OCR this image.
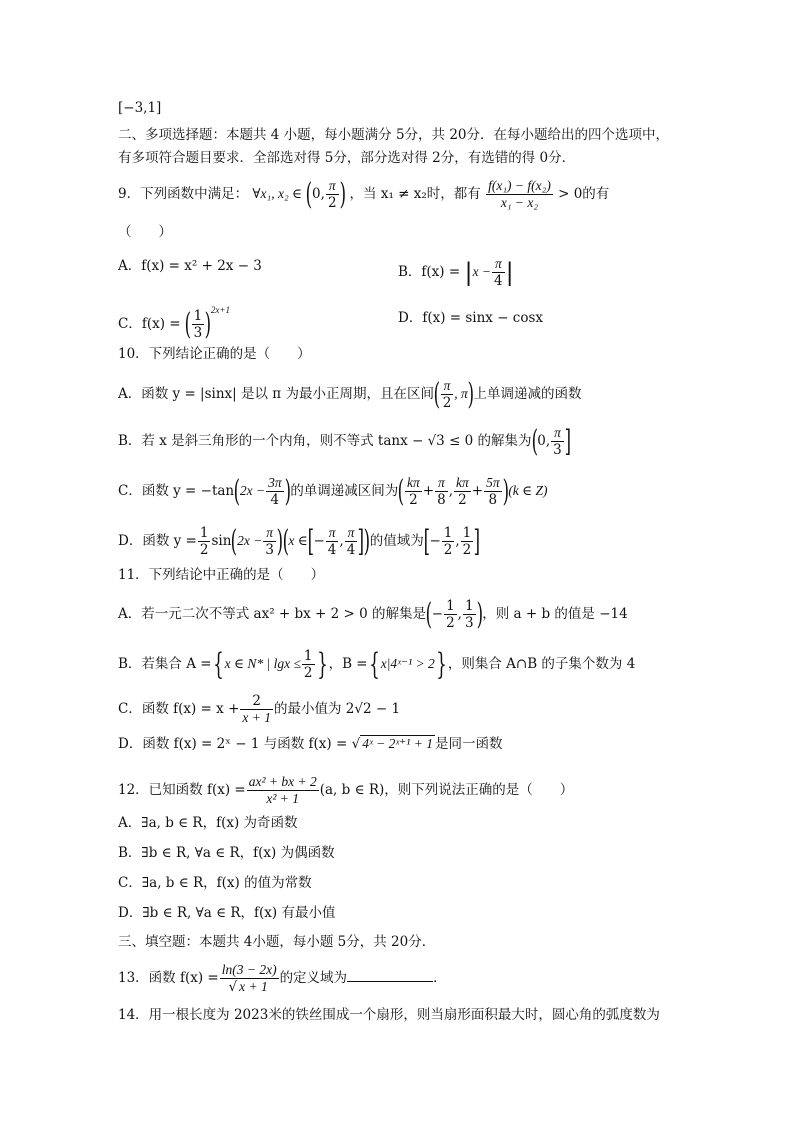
[−3,1]
二、多项选择题：本题共 4 小题，每小题满分 5分，共 20分．在每小题给出的四个选项中，
有多项符合题目要求．全部选对得 5分，部分选对得 2分，有选错的得 0分．
9．下列函数中满足： ∀x₁, x₂ ∈ (0, $\frac{\pi}{2}$ ) ，当 x₁ ≠ x₂时，都有 $\frac{\text{f(x₁) − f(x₂)}}{\text{x₁ − x₂}} > 0$的有
（　　）
A．f(x) = x² + 2x − 3	B．$f(x) = |x - \frac{\pi}{4}$ |
C．f(x) = ( $\frac{1}{3} )^{2x+1}$
D．f(x) = sinx − cosx
10．下列结论正确的是（　　）
A．函数 y = |sinx| 是以 π 为最小正周期，且在区间( $\frac{\pi}{2}$ , π)上单调递减的函数
B．若 x 是斜三角形的一个内角，则不等式 tanx − √3 ≤ 0 的解集为(0, $\frac{\pi}{3}$ ]
C．函数 $y = -\tan(2x - \frac{3\pi}{4}$ )的单调递减区间为( $\frac{k\pi}{2} + \frac{\pi}{8}$ , $\frac{k\pi}{2} + \frac{5\pi}{8} )(k$ ∈ Z)
D．函数 $y = \frac{1}{2} \sin(2x - \frac{\pi}{3} )(x$ ∈[− $\frac{\pi}{4}$ , $\frac{\pi}{4}$ ])的值域为[− $\frac{1}{2}$ , $\frac{1}{2}$ ]
11．下列结论中正确的是（　　）
A．若一元二次不等式 ax² + bx + 2 > 0 的解集是(− $\frac{1}{2}$ , $\frac{1}{3}$ )，则 a + b 的值是 −14
B．若集合 A ={x ∈ N* | $\lg x \le \frac{1}{2}$ }，B ={x|4ˣ⁻¹ > 2}，则集合 A∩B 的子集个数为 4
C．函数 $f(x) = x + \frac{2}{x + 1}$ 的最小值为 2√2 − 1
D．函数 f(x) = 2ˣ − 1 与函数 f(x) = √ 4ˣ − 2ˣ⁺¹ + 1 是同一函数
12．已知函数 $f(x) = \frac{\text{ax² + bx + 2}}{\text{x² + 1}} (a$, b ∈ R)，则下列说法正确的是（　　）
A．∃a, b ∈ R，f(x) 为奇函数
B．∃b ∈ R, ∀a ∈ R，f(x) 为偶函数
C．∃a, b ∈ R，f(x) 的值为常数
D．∃b ∈ R, ∀a ∈ R，f(x) 有最小值
三、填空题：本题共 4小题，每小题 5分，共 20分．
13．函数 $f(x) = \frac{\ln(3 - 2x)}{√ x + 1}$ 的定义域为	．
14．用一根长度为 2023米的铁丝围成一个扇形，则当扇形面积最大时，圆心角的弧度数为
